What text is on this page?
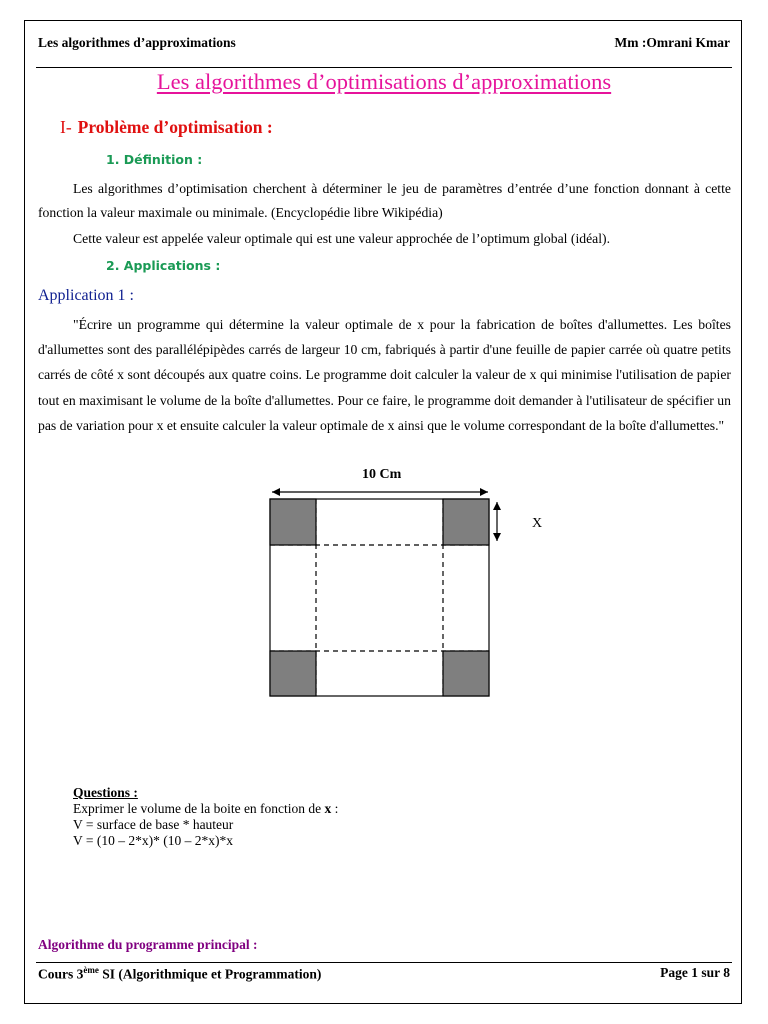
Les algorithmes d’approximations	Mm :Omrani Kmar
Les algorithmes d’optimisations d’approximations
I- Problème d’optimisation :
1. Définition :
Les algorithmes d’optimisation cherchent à déterminer le jeu de paramètres d’entrée d’une fonction donnant à cette fonction la valeur maximale ou minimale. (Encyclopédie libre Wikipédia)
Cette valeur est appelée valeur optimale qui est une valeur approchée de l’optimum global (idéal).
2. Applications :
Application 1 :
"Écrire un programme qui détermine la valeur optimale de x pour la fabrication de boîtes d'allumettes. Les boîtes d'allumettes sont des parallélépipèdes carrés de largeur 10 cm, fabriqués à partir d'une feuille de papier carrée où quatre petits carrés de côté x sont découpés aux quatre coins. Le programme doit calculer la valeur de x qui minimise l'utilisation de papier tout en maximisant le volume de la boîte d'allumettes. Pour ce faire, le programme doit demander à l'utilisateur de spécifier un pas de variation pour x et ensuite calculer la valeur optimale de x ainsi que le volume correspondant de la boîte d'allumettes."
10 Cm
X
Questions :
Exprimer le volume de la boite en fonction de x :
V = surface de base * hauteur
V = (10 – 2*x)* (10 – 2*x)*x
Algorithme du programme principal :
Cours 3ème SI (Algorithmique et Programmation)	Page 1 sur 8
